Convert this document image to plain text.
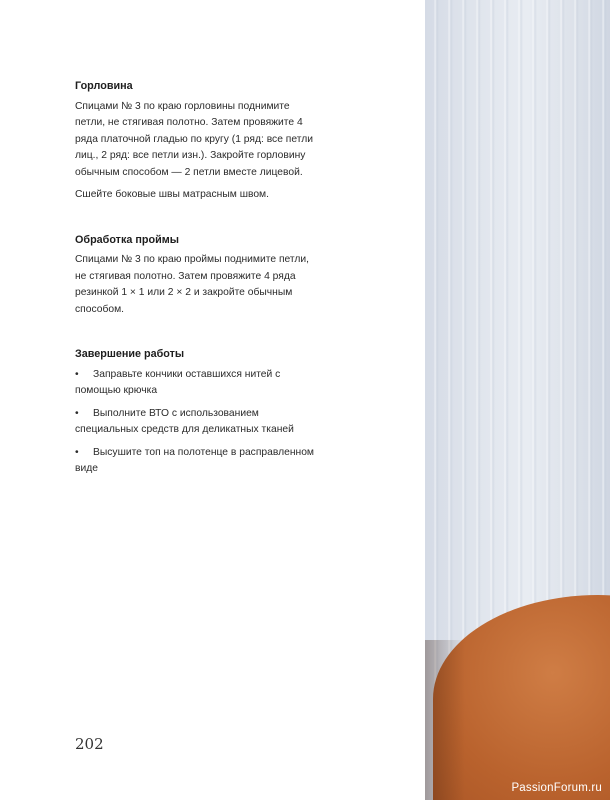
Горловина

Спицами № 3 по краю горловины поднимите петли, не стягивая полотно. Затем провяжите 4 ряда платочной гладью по кругу (1 ряд: все петли лиц., 2 ряд: все петли изн.). Закройте горловину обычным способом — 2 петли вместе лицевой.

Сшейте боковые швы матрасным швом.

Обработка проймы

Спицами № 3 по краю проймы поднимите петли, не стягивая полотно. Затем провяжите 4 ряда резинкой 1 × 1 или 2 × 2 и закройте обычным способом.

Завершение работы
• Заправьте кончики оставшихся нитей с помощью крючка
• Выполните ВТО с использованием специальных средств для деликатных тканей
• Высушите топ на полотенце в расправленном виде
202
PassionForum.ru
